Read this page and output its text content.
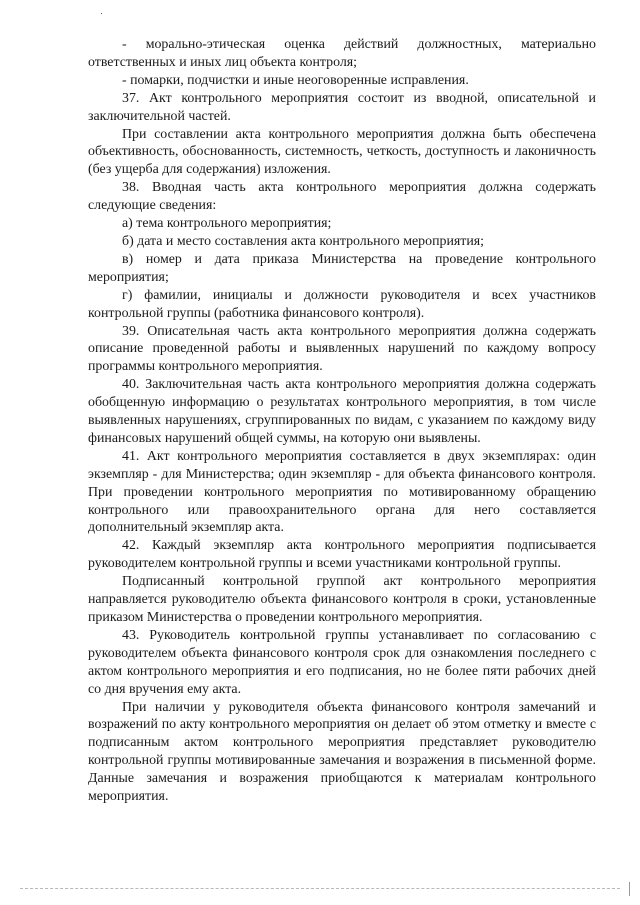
- морально-этическая оценка действий должностных, материально ответственных и иных лиц объекта контроля;

- помарки, подчистки и иные неоговоренные исправления.

37. Акт контрольного мероприятия состоит из вводной, описательной и заключительной частей.

При составлении акта контрольного мероприятия должна быть обеспечена объективность, обоснованность, системность, четкость, доступность и лаконичность (без ущерба для содержания) изложения.

38. Вводная часть акта контрольного мероприятия должна содержать следующие сведения:

а) тема контрольного мероприятия;

б) дата и место составления акта контрольного мероприятия;

в) номер и дата приказа Министерства на проведение контрольного мероприятия;

г) фамилии, инициалы и должности руководителя и всех участников контрольной группы (работника финансового контроля).

39. Описательная часть акта контрольного мероприятия должна содержать описание проведенной работы и выявленных нарушений по каждому вопросу программы контрольного мероприятия.

40. Заключительная часть акта контрольного мероприятия должна содержать обобщенную информацию о результатах контрольного мероприятия, в том числе выявленных нарушениях, сгруппированных по видам, с указанием по каждому виду финансовых нарушений общей суммы, на которую они выявлены.

41. Акт контрольного мероприятия составляется в двух экземплярах: один экземпляр - для Министерства; один экземпляр - для объекта финансового контроля. При проведении контрольного мероприятия по мотивированному обращению контрольного или правоохранительного органа для него составляется дополнительный экземпляр акта.

42. Каждый экземпляр акта контрольного мероприятия подписывается руководителем контрольной группы и всеми участниками контрольной группы.

Подписанный контрольной группой акт контрольного мероприятия направляется руководителю объекта финансового контроля в сроки, установленные приказом Министерства о проведении контрольного мероприятия.

43. Руководитель контрольной группы устанавливает по согласованию с руководителем объекта финансового контроля срок для ознакомления последнего с актом контрольного мероприятия и его подписания, но не более пяти рабочих дней со дня вручения ему акта.

При наличии у руководителя объекта финансового контроля замечаний и возражений по акту контрольного мероприятия он делает об этом отметку и вместе с подписанным актом контрольного мероприятия представляет руководителю контрольной группы мотивированные замечания и возражения в письменной форме. Данные замечания и возражения приобщаются к материалам контрольного мероприятия.
